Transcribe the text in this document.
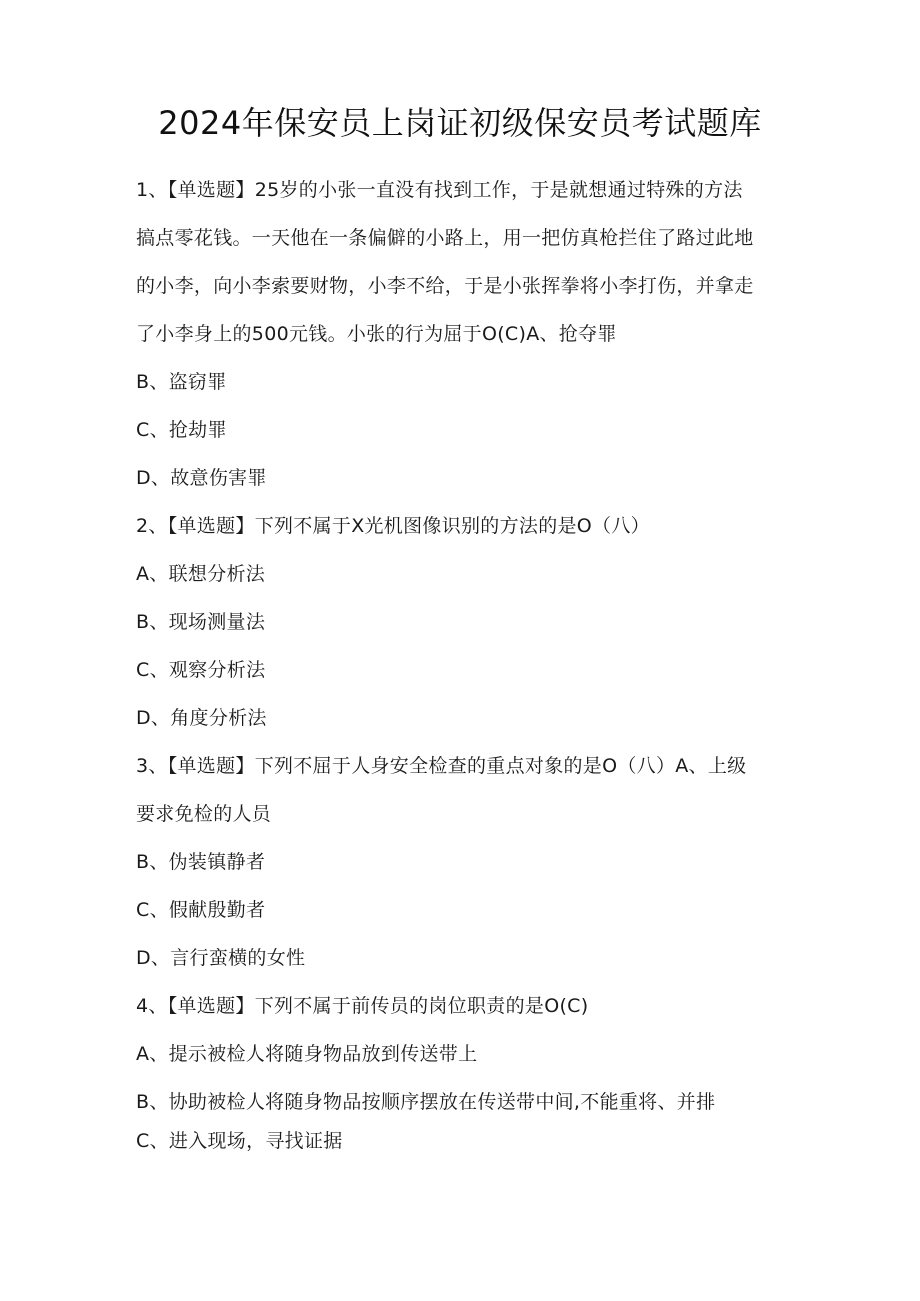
2024年保安员上岗证初级保安员考试题库
1、【单选题】25岁的小张一直没有找到工作，于是就想通过特殊的方法
搞点零花钱。一天他在一条偏僻的小路上，用一把仿真枪拦住了路过此地
的小李，向小李索要财物，小李不给，于是小张挥拳将小李打伤，并拿走
了小李身上的500元钱。小张的行为屈于O(C)A、抢夺罪
B、盗窃罪
C、抢劫罪
D、故意伤害罪
2、【单选题】下列不属于X光机图像识别的方法的是O（八）
A、联想分析法
B、现场测量法
C、观察分析法
D、角度分析法
3、【单选题】下列不屈于人身安全检查的重点对象的是O（八）A、上级
要求免检的人员
B、伪装镇静者
C、假献殷勤者
D、言行蛮横的女性
4、【单选题】下列不属于前传员的岗位职责的是O(C)
A、提示被检人将随身物品放到传送带上
B、协助被检人将随身物品按顺序摆放在传送带中间,不能重将、并排
C、进入现场，寻找证据
